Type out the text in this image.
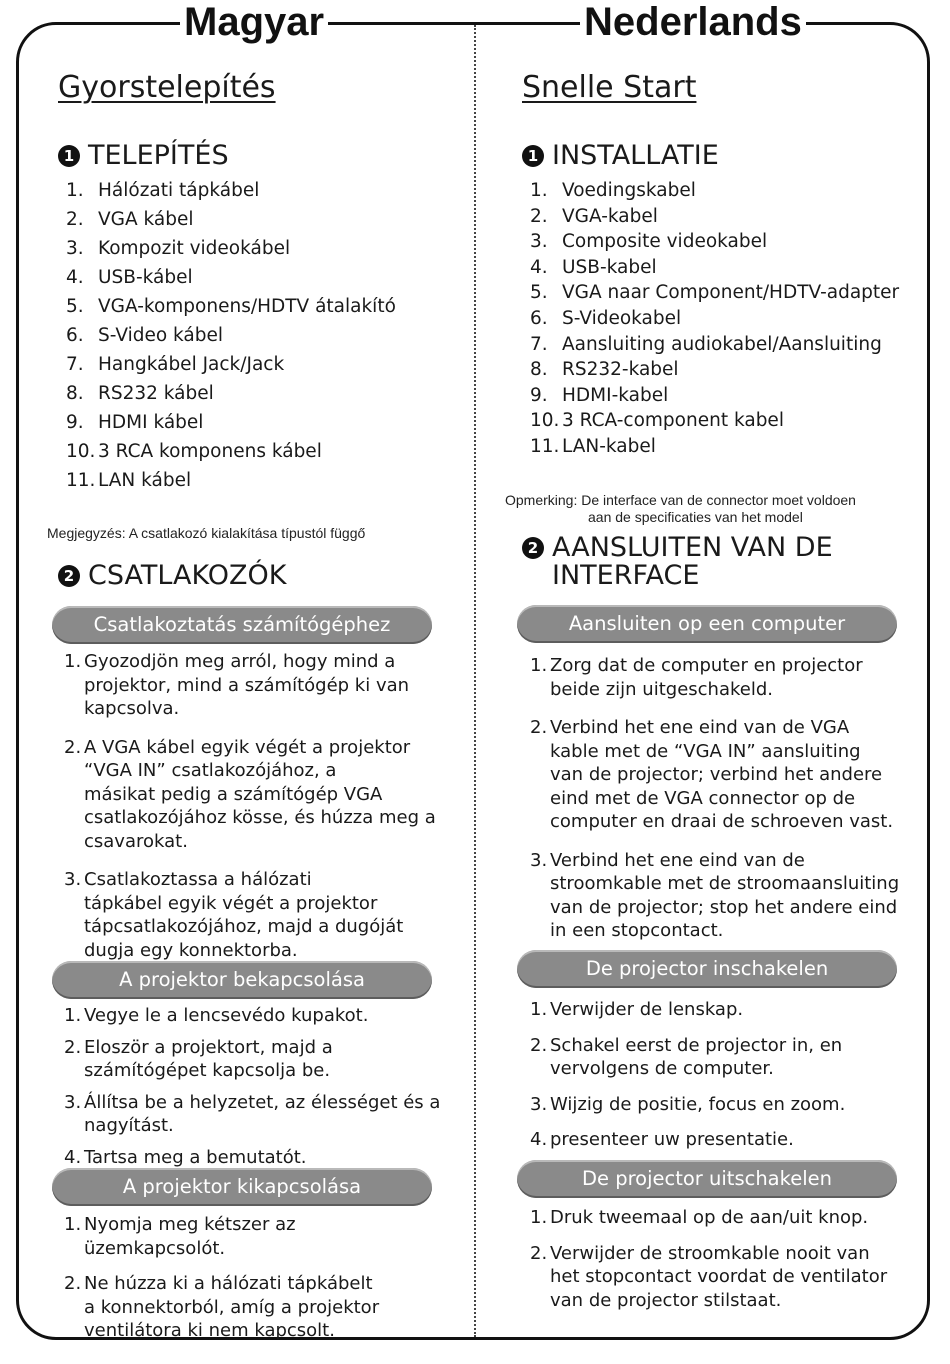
Magyar	Nederlands
Gyorstelepítés
1 TELEPÍTÉS
1. Hálózati tápkábel
2. VGA kábel
3. Kompozit videokábel
4. USB-kábel
5. VGA-komponens/HDTV átalakító
6. S-Video kábel
7. Hangkábel Jack/Jack
8. RS232 kábel
9. HDMI kábel
10. 3 RCA komponens kábel
11. LAN kábel
Megjegyzés: A csatlakozó kialakítása típustól függő
2 CSATLAKOZÓK
Csatlakoztatás számítógéphez
1. Gyozodjön meg arról, hogy mind a
projektor, mind a számítógép ki van
kapcsolva.
2. A VGA kábel egyik végét a projektor
“VGA IN” csatlakozójához, a
másikat pedig a számítógép VGA
csatlakozójához kösse, és húzza meg a
csavarokat.
3. Csatlakoztassa a hálózati
tápkábel egyik végét a projektor
tápcsatlakozójához, majd a dugóját
dugja egy konnektorba.
A projektor bekapcsolása
1. Vegye le a lencsevédo kupakot.
2. Eloször a projektort, majd a
számítógépet kapcsolja be.
3. Állítsa be a helyzetet, az élességet és a
nagyítást.
4. Tartsa meg a bemutatót.
A projektor kikapcsolása
1. Nyomja meg kétszer az
üzemkapcsolót.
2. Ne húzza ki a hálózati tápkábelt
a konnektorból, amíg a projektor
ventilátora ki nem kapcsolt.
Snelle Start
1 INSTALLATIE
1. Voedingskabel
2. VGA-kabel
3. Composite videokabel
4. USB-kabel
5. VGA naar Component/HDTV-adapter
6. S-Videokabel
7. Aansluiting audiokabel/Aansluiting
8. RS232-kabel
9. HDMI-kabel
10. 3 RCA-component kabel
11. LAN-kabel
Opmerking: De interface van de connector moet voldoen
aan de specificaties van het model
2 AANSLUITEN VAN DE
INTERFACE
Aansluiten op een computer
1. Zorg dat de computer en projector
beide zijn uitgeschakeld.
2. Verbind het ene eind van de VGA
kable met de “VGA IN” aansluiting
van de projector; verbind het andere
eind met de VGA connector op de
computer en draai de schroeven vast.
3. Verbind het ene eind van de
stroomkable met de stroomaansluiting
van de projector; stop het andere eind
in een stopcontact.
De projector inschakelen
1. Verwijder de lenskap.
2. Schakel eerst de projector in, en
vervolgens de computer.
3. Wijzig de positie, focus en zoom.
4. presenteer uw presentatie.
De projector uitschakelen
1. Druk tweemaal op de aan/uit knop.
2. Verwijder de stroomkable nooit van
het stopcontact voordat de ventilator
van de projector stilstaat.
